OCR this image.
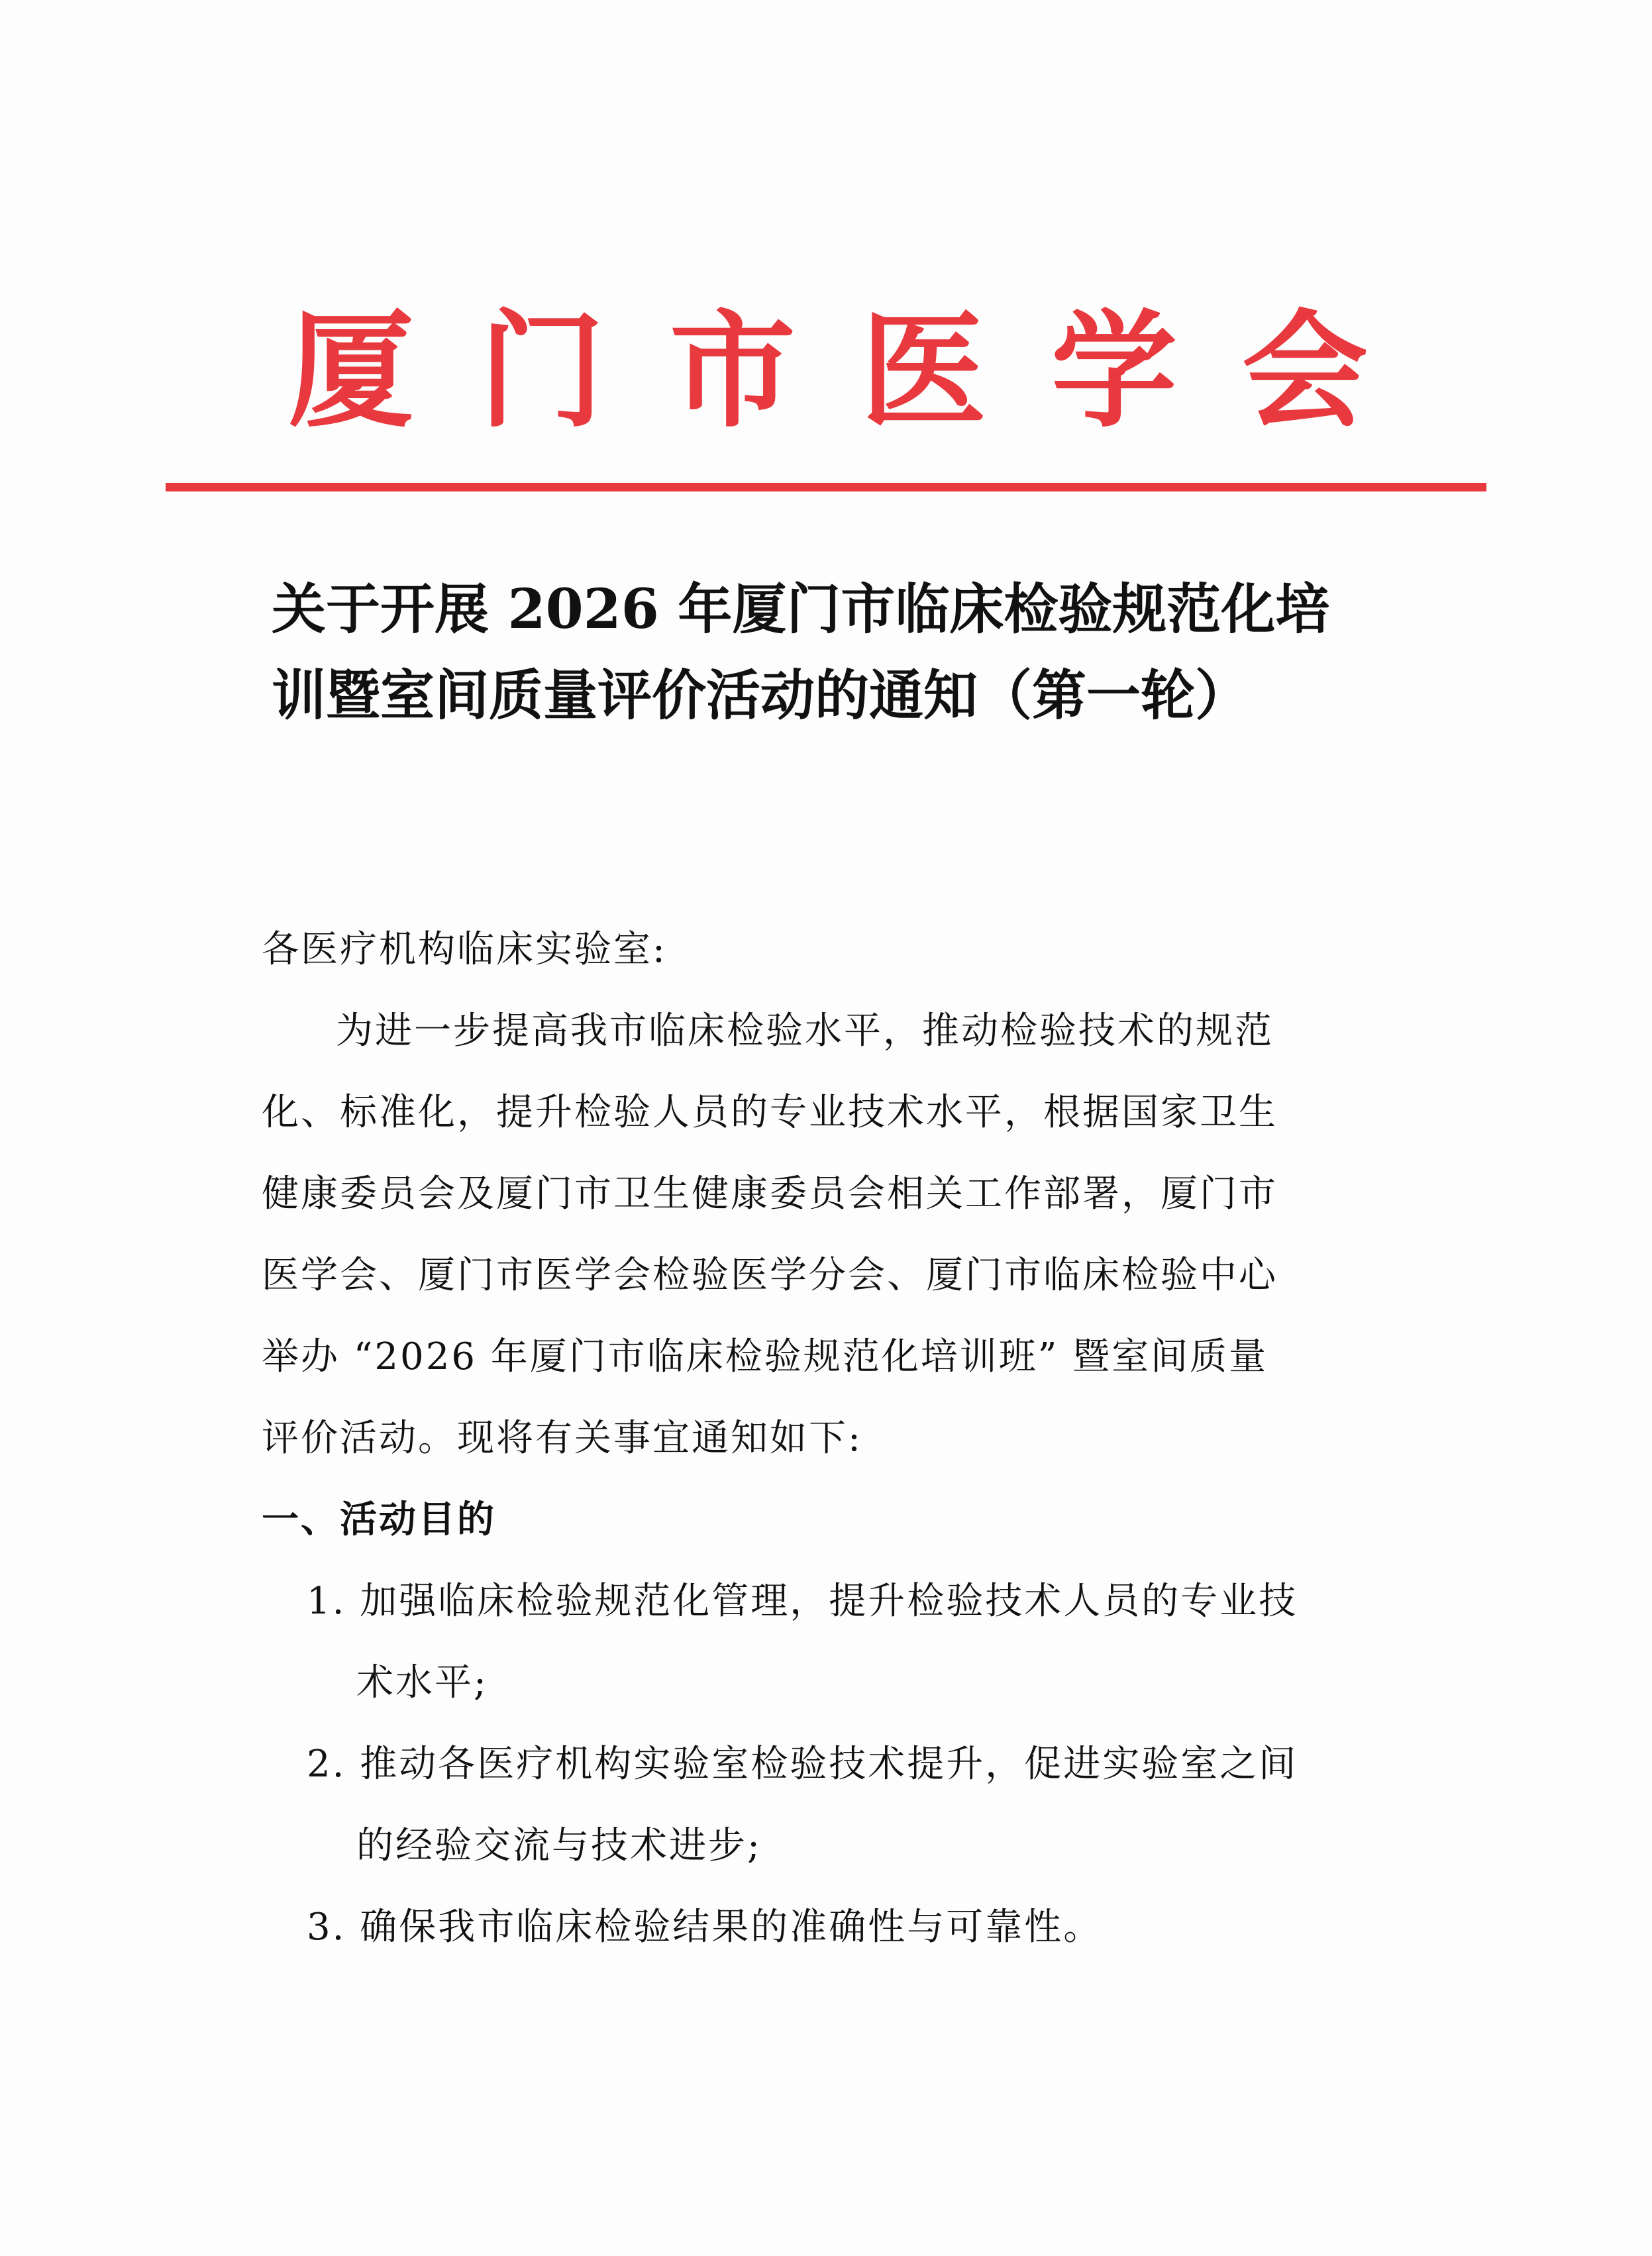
厦 门 市 医 学 会
关于开展 2026 年厦门市临床检验规范化培
训暨室间质量评价活动的通知（第一轮）
各医疗机构临床实验室:
为进一步提高我市临床检验水平，推动检验技术的规范
化、标准化，提升检验人员的专业技术水平，根据国家卫生
健康委员会及厦门市卫生健康委员会相关工作部署，厦门市
医学会、厦门市医学会检验医学分会、厦门市临床检验中心
举办 “2026 年厦门市临床检验规范化培训班” 暨室间质量
评价活动。现将有关事宜通知如下:
一、活动目的
1. 加强临床检验规范化管理，提升检验技术人员的专业技
术水平;
2. 推动各医疗机构实验室检验技术提升，促进实验室之间
的经验交流与技术进步;
3. 确保我市临床检验结果的准确性与可靠性。
